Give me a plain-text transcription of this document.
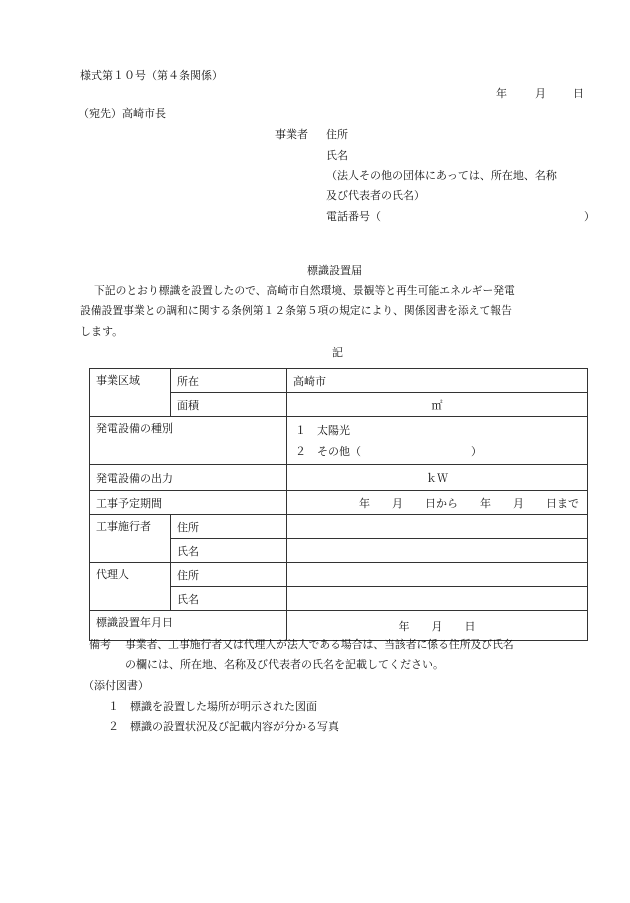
様式第１０号（第４条関係）
年	月 日
（宛先）高崎市長
事業者 住所
氏名
（法人その他の団体にあっては、所在地、名称
及び代表者の氏名）
電話番号（	）
標識設置届
下記のとおり標識を設置したので、高崎市自然環境、景観等と再生可能エネルギー発電
設備設置事業との調和に関する条例第１２条第５項の規定により、関係図書を添えて報告
します。
記
事業区域	所在	高崎市
	面積	㎡
発電設備の種別		１　太陽光
２　その他（　　　　　　　　　　）

発電設備の出力		ｋＷ
工事予定期間		年　　月　　日から　　年　　月　　日まで
工事施行者	住所	
	氏名	
代理人	住所	
	氏名	
標識設置年月日		年　　月　　日
備考 事業者、工事施行者又は代理人が法人である場合は、当該者に係る住所及び氏名
の欄には、所在地、名称及び代表者の氏名を記載してください。
（添付図書）
１　標識を設置した場所が明示された図面
２　標識の設置状況及び記載内容が分かる写真
